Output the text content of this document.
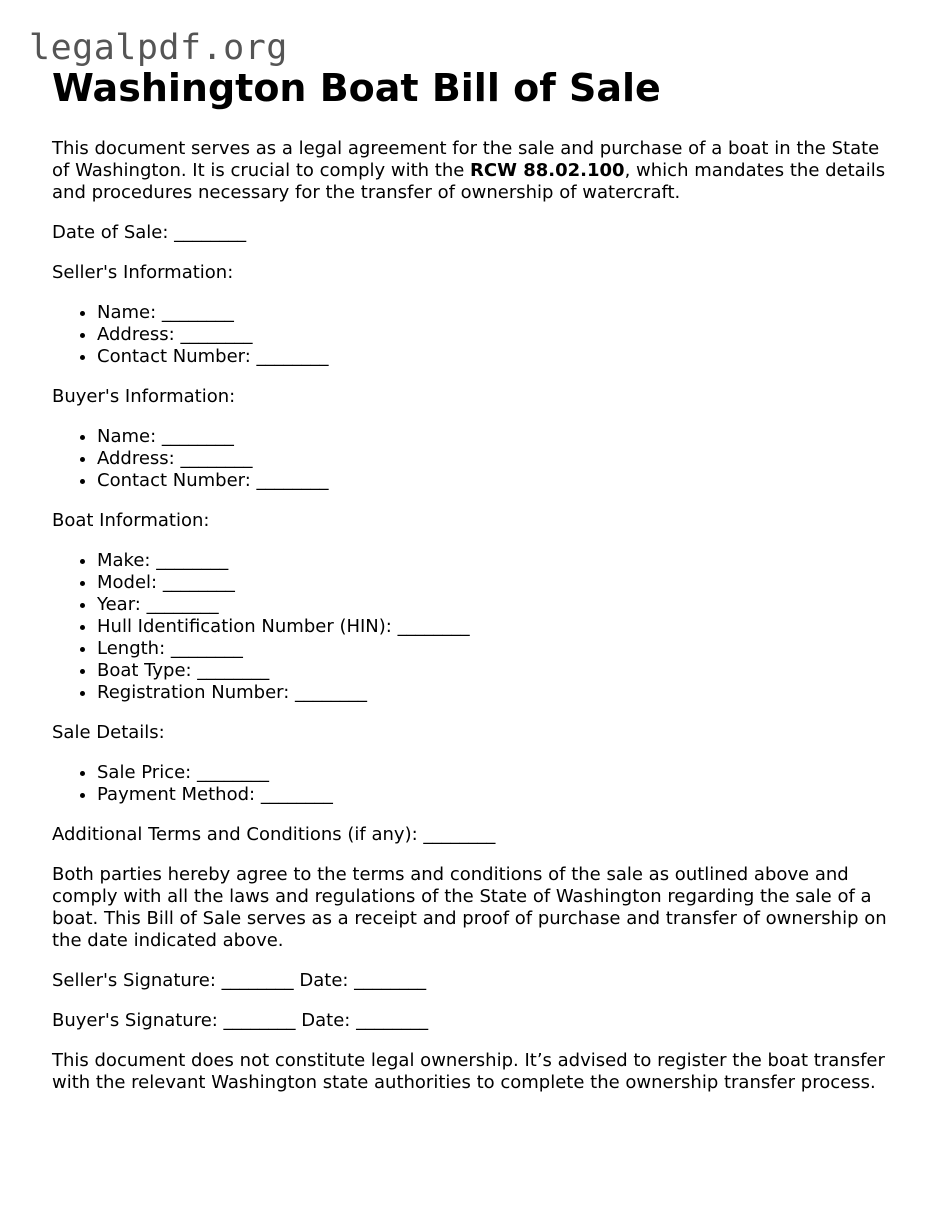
legalpdf.org
Washington Boat Bill of Sale

This document serves as a legal agreement for the sale and purchase of a boat in the State of Washington. It is crucial to comply with the RCW 88.02.100, which mandates the details and procedures necessary for the transfer of ownership of watercraft.

Date of Sale: ________

Seller's Information:

• Name: ________
• Address: ________
• Contact Number: ________

Buyer's Information:

• Name: ________
• Address: ________
• Contact Number: ________

Boat Information:

• Make: ________
• Model: ________
• Year: ________
• Hull Identification Number (HIN): ________
• Length: ________
• Boat Type: ________
• Registration Number: ________

Sale Details:

• Sale Price: ________
• Payment Method: ________

Additional Terms and Conditions (if any): ________

Both parties hereby agree to the terms and conditions of the sale as outlined above and comply with all the laws and regulations of the State of Washington regarding the sale of a boat. This Bill of Sale serves as a receipt and proof of purchase and transfer of ownership on the date indicated above.

Seller's Signature: ________ Date: ________

Buyer's Signature: ________ Date: ________

This document does not constitute legal ownership. It’s advised to register the boat transfer with the relevant Washington state authorities to complete the ownership transfer process.
